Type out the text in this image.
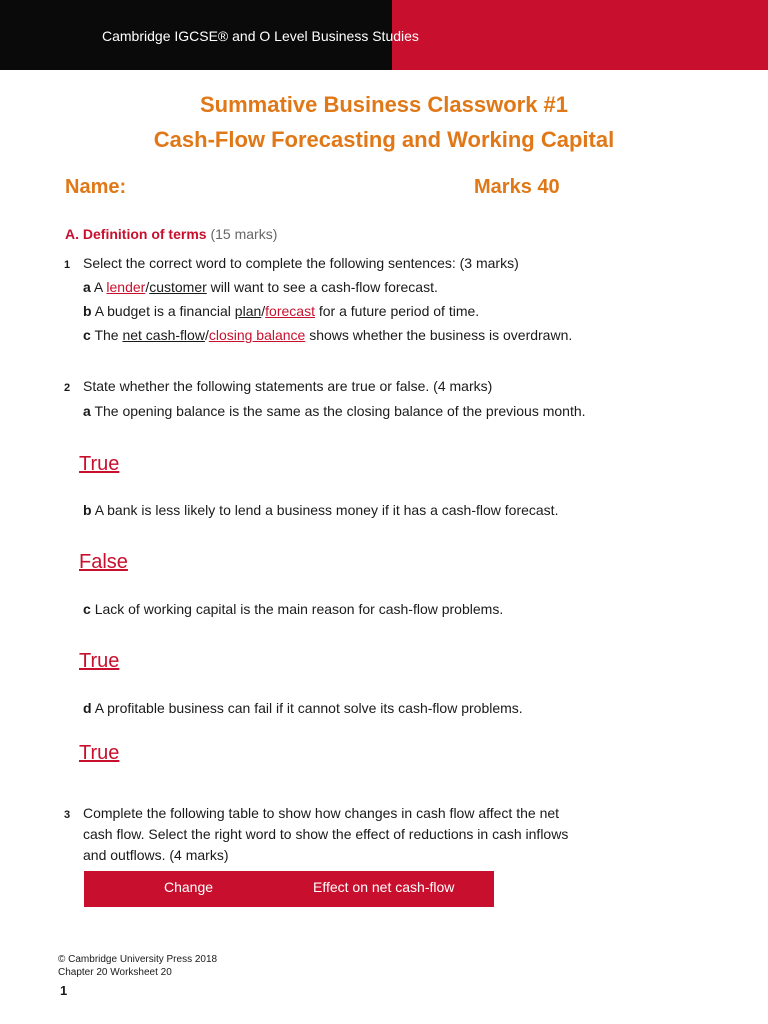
Cambridge IGCSE® and O Level Business Studies
Summative Business Classwork #1
Cash-Flow Forecasting and Working Capital
Name:	Marks 40
A. Definition of terms (15 marks)
1 Select the correct word to complete the following sentences: (3 marks)
a A lender/customer will want to see a cash-flow forecast.
b A budget is a financial plan/forecast for a future period of time.
c The net cash-flow/closing balance shows whether the business is overdrawn.
2 State whether the following statements are true or false. (4 marks)
a The opening balance is the same as the closing balance of the previous month.
True
b A bank is less likely to lend a business money if it has a cash-flow forecast.
False
c Lack of working capital is the main reason for cash-flow problems.
True
d A profitable business can fail if it cannot solve its cash-flow problems.
True
3 Complete the following table to show how changes in cash flow affect the net
cash flow. Select the right word to show the effect of reductions in cash inflows
and outflows. (4 marks)
Change	Effect on net cash-flow
© Cambridge University Press 2018
Chapter 20 Worksheet 20
1
